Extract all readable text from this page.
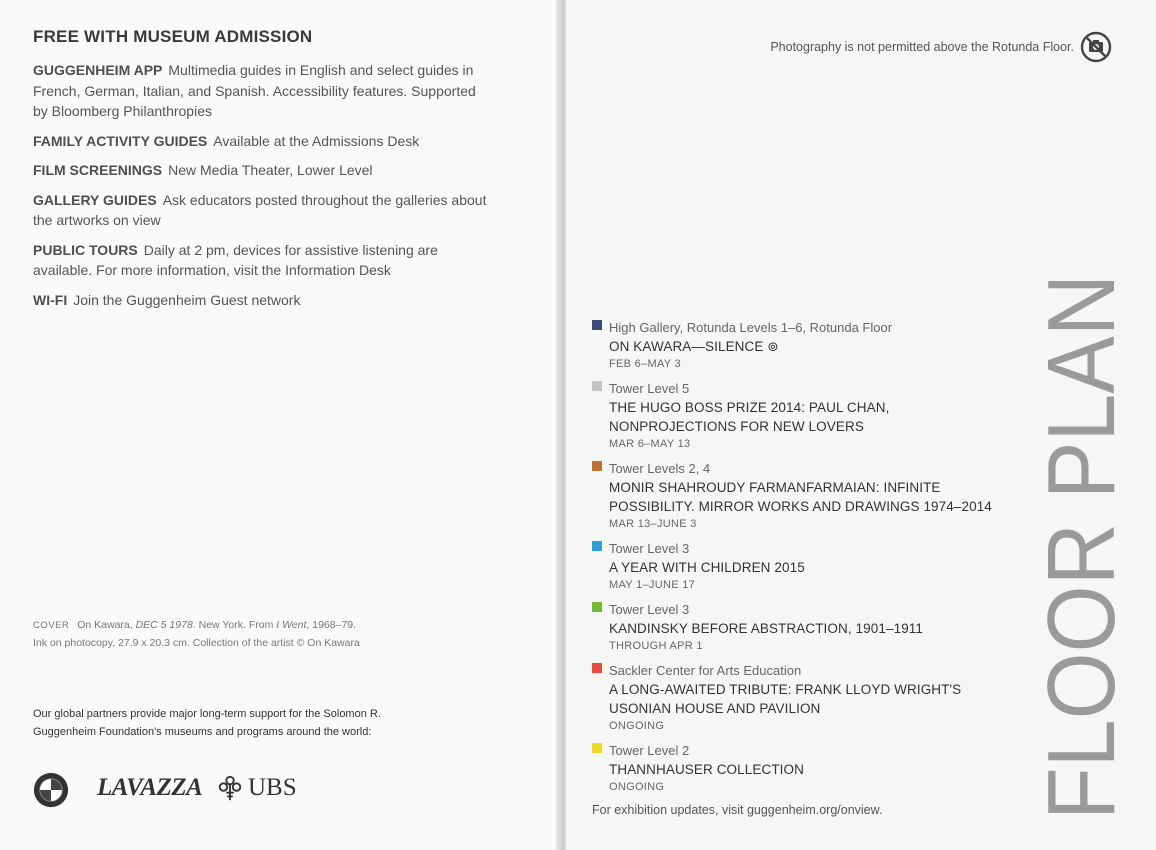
FREE WITH MUSEUM ADMISSION
GUGGENHEIM APP Multimedia guides in English and select guides in French, German, Italian, and Spanish. Accessibility features. Supported by Bloomberg Philanthropies
FAMILY ACTIVITY GUIDES Available at the Admissions Desk
FILM SCREENINGS New Media Theater, Lower Level
GALLERY GUIDES Ask educators posted throughout the galleries about the artworks on view
PUBLIC TOURS Daily at 2 pm, devices for assistive listening are available. For more information, visit the Information Desk
WI-FI Join the Guggenheim Guest network
COVER On Kawara, DEC 5 1978. New York. From I Went, 1968–79.
Ink on photocopy, 27.9 x 20.3 cm. Collection of the artist © On Kawara
Our global partners provide major long-term support for the Solomon R. Guggenheim Foundation's museums and programs around the world:
LAVAZZA UBS
Photography is not permitted above the Rotunda Floor.
FLOOR PLAN
High Gallery, Rotunda Levels 1–6, Rotunda Floor
ON KAWARA—SILENCE ⊚
FEB 6–MAY 3
Tower Level 5
THE HUGO BOSS PRIZE 2014: PAUL CHAN, NONPROJECTIONS FOR NEW LOVERS
MAR 6–MAY 13
Tower Levels 2, 4
MONIR SHAHROUDY FARMANFARMAIAN: INFINITE POSSIBILITY. MIRROR WORKS AND DRAWINGS 1974–2014
MAR 13–JUNE 3
Tower Level 3
A YEAR WITH CHILDREN 2015
MAY 1–JUNE 17
Tower Level 3
KANDINSKY BEFORE ABSTRACTION, 1901–1911
THROUGH APR 1
Sackler Center for Arts Education
A LONG-AWAITED TRIBUTE: FRANK LLOYD WRIGHT'S USONIAN HOUSE AND PAVILION
ONGOING
Tower Level 2
THANNHAUSER COLLECTION
ONGOING
For exhibition updates, visit guggenheim.org/onview.
